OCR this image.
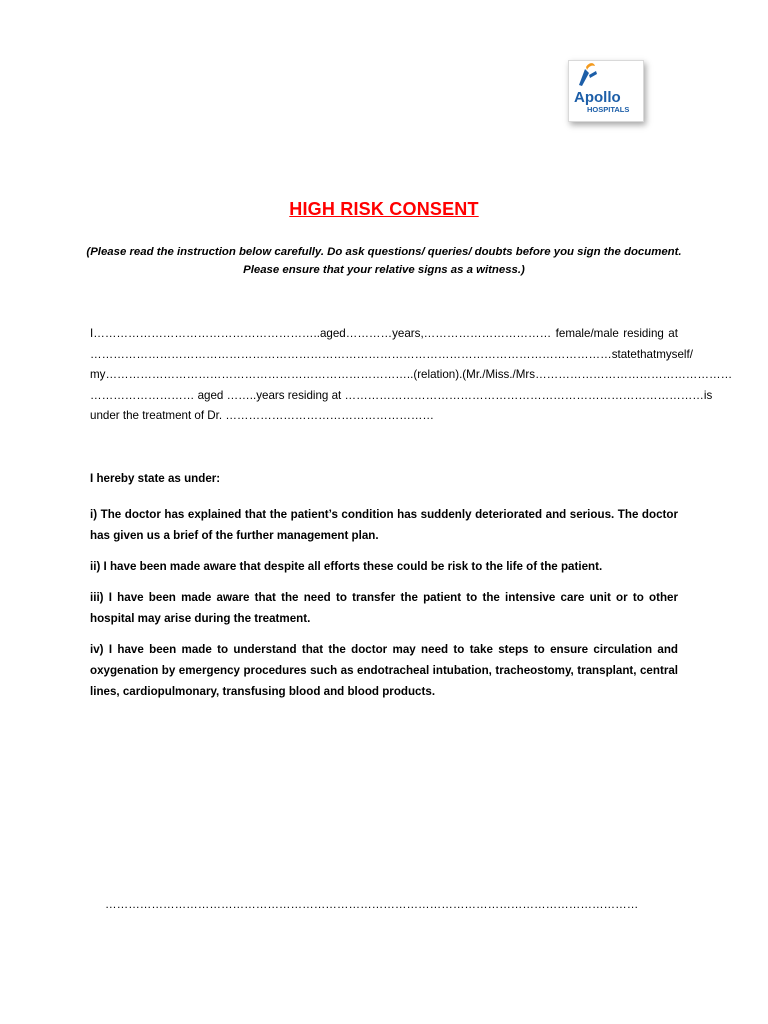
Apollo
HOSPITALS
HIGH RISK CONSENT
(Please read the instruction below carefully. Do ask questions/ queries/ doubts before you sign the document.
Please ensure that your relative signs as a witness.)
I…………………………………………………..aged…………years,…………………………… female/male residing at
………………………………………………………………………………………………………………………state that myself /
my……………………………………………………………………..(relation).(Mr./Miss./Mrs……………………………………………
……………………… aged ……..years residing at ………………………………………………………………………………… is
under the treatment of Dr. ………………………………………………

I hereby state as under:

i) The doctor has explained that the patient’s condition has suddenly deteriorated and serious. The doctor has given us a brief of the further management plan.

ii) I have been made aware that despite all efforts these could be risk to the life of the patient.

iii) I have been made aware that the need to transfer the patient to the intensive care unit or to other hospital may arise during the treatment.

iv) I have been made to understand that the doctor may need to take steps to ensure circulation and oxygenation by emergency procedures such as endotracheal intubation, tracheostomy, transplant, central lines, cardiopulmonary, transfusing blood and blood products.

…………………………………………………………………………………………………………………………
